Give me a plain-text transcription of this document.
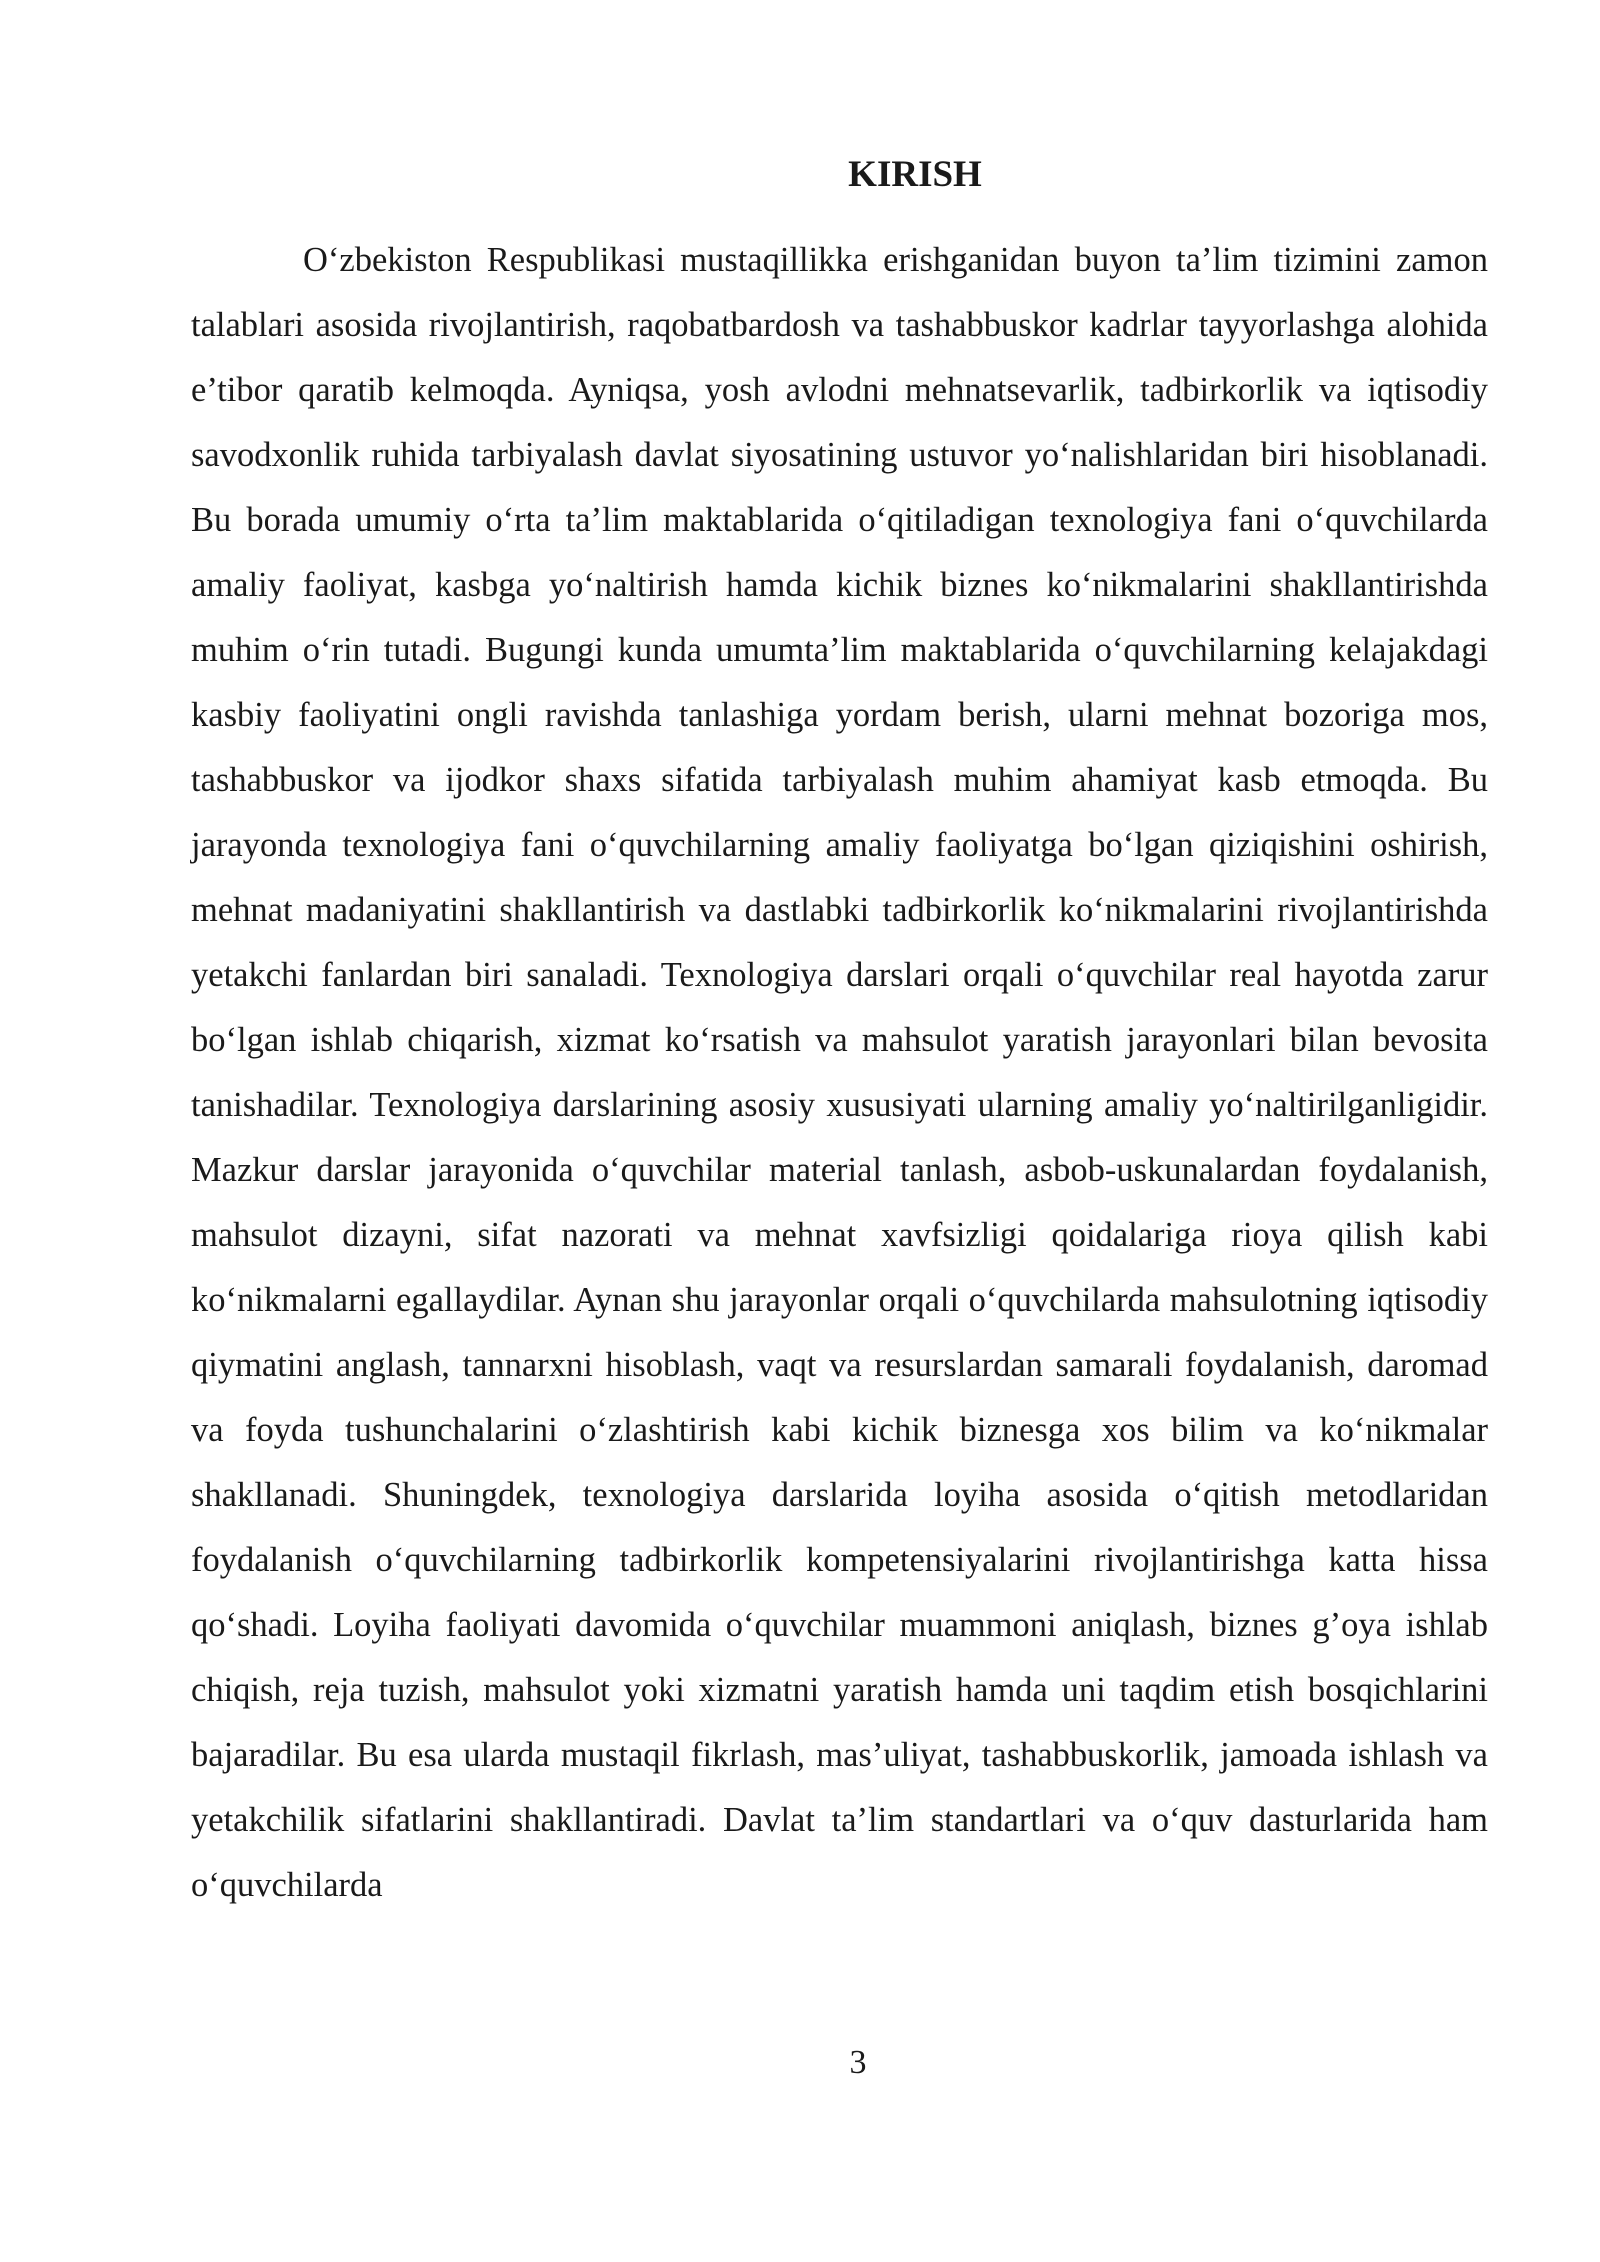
KIRISH

O‘zbekiston Respublikasi mustaqillikka erishganidan buyon ta’lim tizimini zamon talablari asosida rivojlantirish, raqobatbardosh va tashabbuskor kadrlar tayyorlashga alohida e’tibor qaratib kelmoqda. Ayniqsa, yosh avlodni mehnatsevarlik, tadbirkorlik va iqtisodiy savodxonlik ruhida tarbiyalash davlat siyosatining ustuvor yo‘nalishlaridan biri hisoblanadi. Bu borada umumiy o‘rta ta’lim maktablarida o‘qitiladigan texnologiya fani o‘quvchilarda amaliy faoliyat, kasbga yo‘naltirish hamda kichik biznes ko‘nikmalarini shakllantirishda muhim o‘rin tutadi. Bugungi kunda umumta’lim maktablarida o‘quvchilarning kelajakdagi kasbiy faoliyatini ongli ravishda tanlashiga yordam berish, ularni mehnat bozoriga mos, tashabbuskor va ijodkor shaxs sifatida tarbiyalash muhim ahamiyat kasb etmoqda. Bu jarayonda texnologiya fani o‘quvchilarning amaliy faoliyatga bo‘lgan qiziqishini oshirish, mehnat madaniyatini shakllantirish va dastlabki tadbirkorlik ko‘nikmalarini rivojlantirishda yetakchi fanlardan biri sanaladi. Texnologiya darslari orqali o‘quvchilar real hayotda zarur bo‘lgan ishlab chiqarish, xizmat ko‘rsatish va mahsulot yaratish jarayonlari bilan bevosita tanishadilar. Texnologiya darslarining asosiy xususiyati ularning amaliy yo‘naltirilganligidir. Mazkur darslar jarayonida o‘quvchilar material tanlash, asbob-uskunalardan foydalanish, mahsulot dizayni, sifat nazorati va mehnat xavfsizligi qoidalariga rioya qilish kabi ko‘nikmalarni egallaydilar. Aynan shu jarayonlar orqali o‘quvchilarda mahsulotning iqtisodiy qiymatini anglash, tannarxni hisoblash, vaqt va resurslardan samarali foydalanish, daromad va foyda tushunchalarini o‘zlashtirish kabi kichik biznesga xos bilim va ko‘nikmalar shakllanadi. Shuningdek, texnologiya darslarida loyiha asosida o‘qitish metodlaridan foydalanish o‘quvchilarning tadbirkorlik kompetensiyalarini rivojlantirishga katta hissa qo‘shadi. Loyiha faoliyati davomida o‘quvchilar muammoni aniqlash, biznes g’oya ishlab chiqish, reja tuzish, mahsulot yoki xizmatni yaratish hamda uni taqdim etish bosqichlarini bajaradilar. Bu esa ularda mustaqil fikrlash, mas’uliyat, tashabbuskorlik, jamoada ishlash va yetakchilik sifatlarini shakllantiradi. Davlat ta’lim standartlari va o‘quv dasturlarida ham o‘quvchilarda

3
